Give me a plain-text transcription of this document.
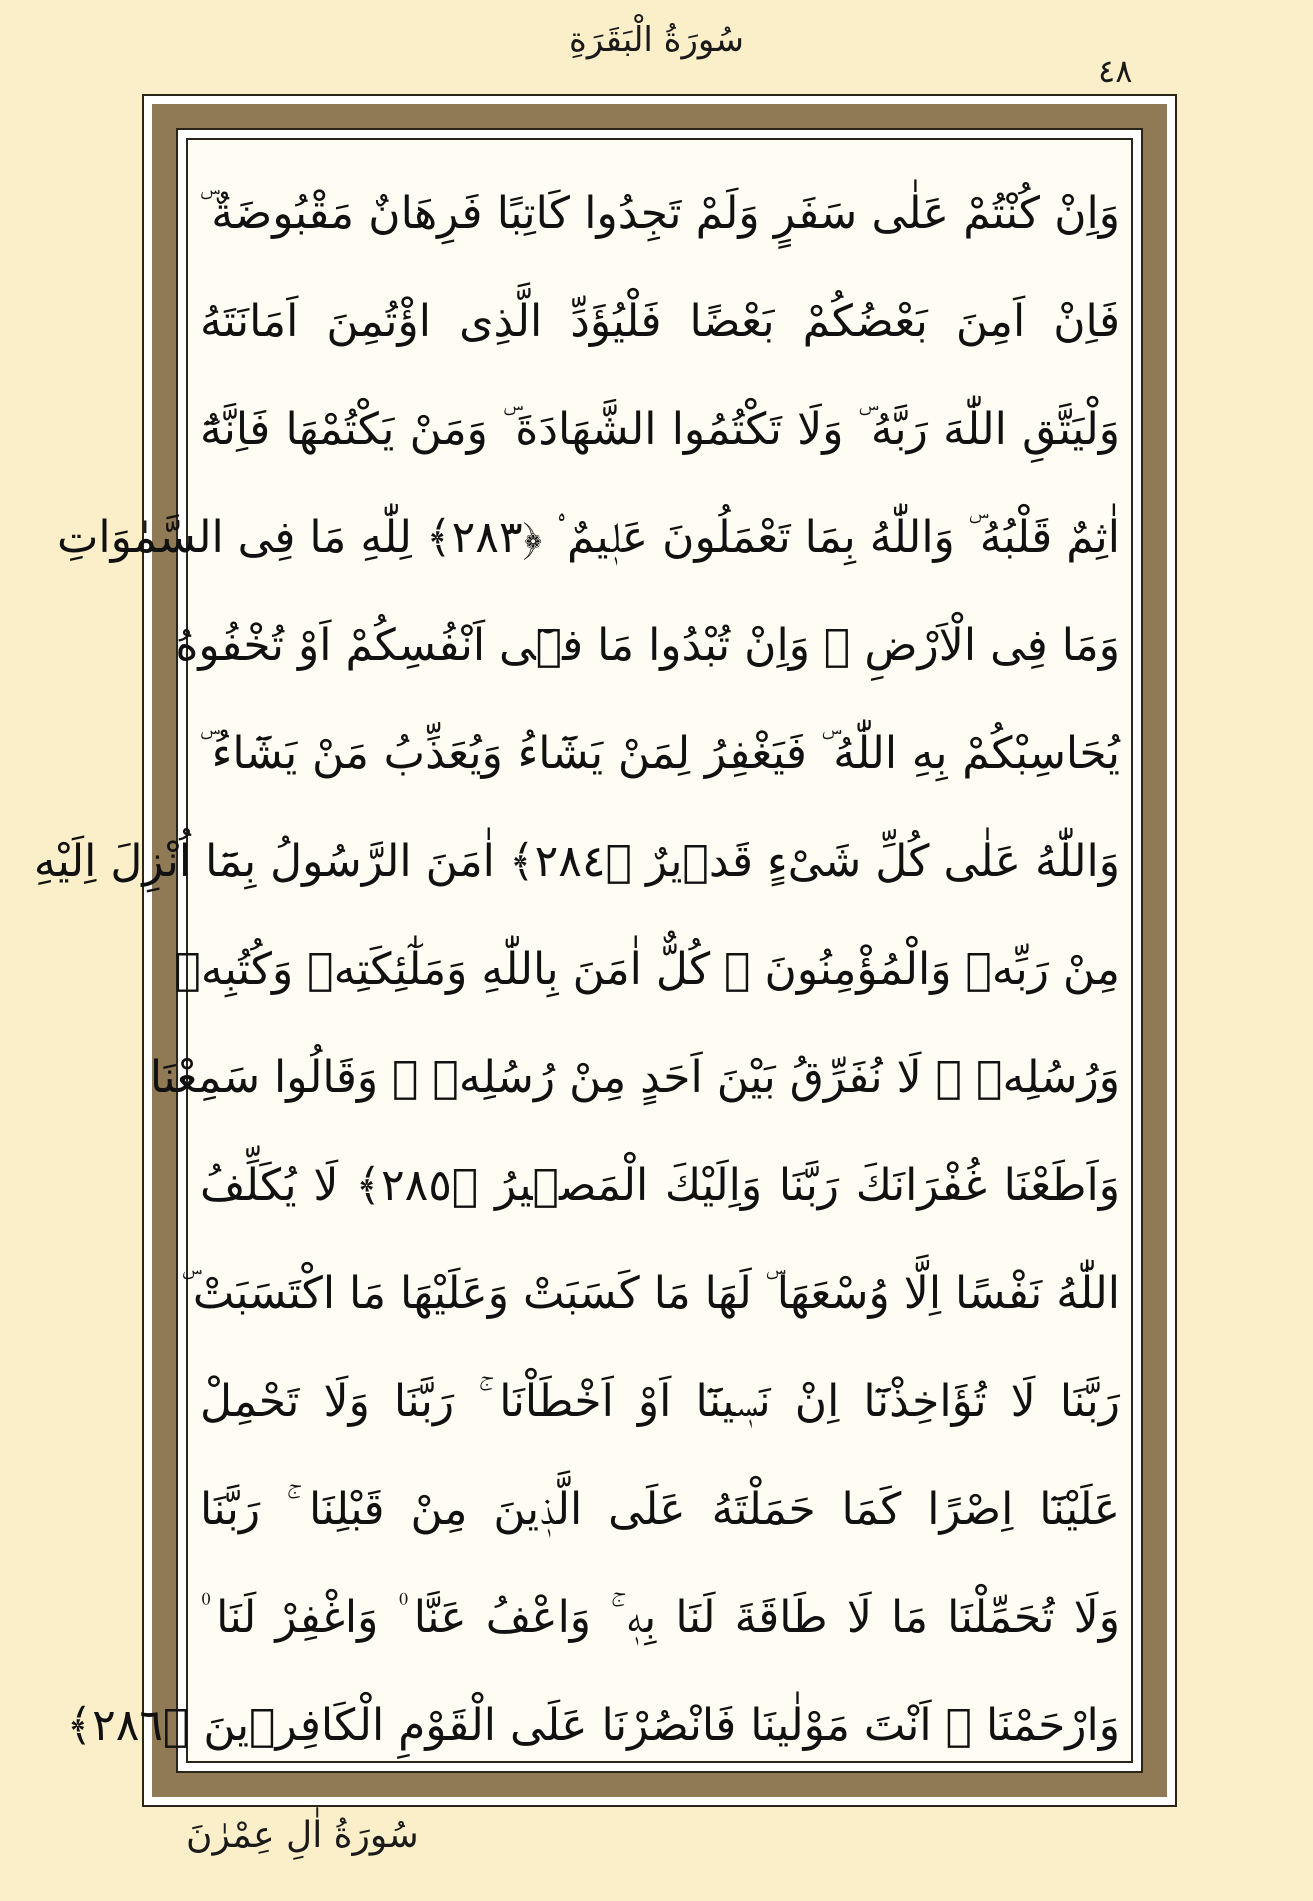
سُورَةُ الْبَقَرَةِ
٤٨
وَاِنْ كُنْتُمْ عَلٰى سَفَرٍ وَلَمْ تَجِدُوا كَاتِبًا فَرِهَانٌ مَقْبُوضَةٌ ۜ
فَاِنْ اَمِنَ بَعْضُكُمْ بَعْضًا فَلْيُؤَدِّ الَّذِى اؤْتُمِنَ اَمَانَتَهُ
وَلْيَتَّقِ اللّٰهَ رَبَّهُ ۜ وَلَا تَكْتُمُوا الشَّهَادَةَ ۜ وَمَنْ يَكْتُمْهَا فَاِنَّهُٓ
اٰثِمٌ قَلْبُهُ ۜ وَاللّٰهُ بِمَا تَعْمَلُونَ عَلٖيمٌ ۟ ﴿٢٨٣﴾ لِلّٰهِ مَا فِى السَّمٰوَاتِ
وَمَا فِى الْاَرْضِ ۜ وَاِنْ تُبْدُوا مَا فٖٓى اَنْفُسِكُمْ اَوْ تُخْفُوهُ
يُحَاسِبْكُمْ بِهِ اللّٰهُ ۜ فَيَغْفِرُ لِمَنْ يَشَٓاءُ وَيُعَذِّبُ مَنْ يَشَٓاءُ ۜ
وَاللّٰهُ عَلٰى كُلِّ شَیْءٍ قَدٖيرٌ ﴿٢٨٤﴾ اٰمَنَ الرَّسُولُ بِمَٓا اُنْزِلَ اِلَيْهِ
مِنْ رَبِّهٖ وَالْمُؤْمِنُونَ ۜ كُلٌّ اٰمَنَ بِاللّٰهِ وَمَلٰٓئِكَتِهٖ وَكُتُبِهٖ
وَرُسُلِهٖ ۜ لَا نُفَرِّقُ بَيْنَ اَحَدٍ مِنْ رُسُلِهٖ ۠ وَقَالُوا سَمِعْنَا
وَاَطَعْنَا غُفْرَانَكَ رَبَّنَا وَاِلَيْكَ الْمَصٖيرُ ﴿٢٨٥﴾ لَا يُكَلِّفُ
اللّٰهُ نَفْسًا اِلَّا وُسْعَهَا ۜ لَهَا مَا كَسَبَتْ وَعَلَيْهَا مَا اكْتَسَبَتْ ۜ
رَبَّنَا لَا تُؤَاخِذْنَٓا اِنْ نَسٖينَٓا اَوْ اَخْطَاْنَا ۚ رَبَّنَا وَلَا تَحْمِلْ
عَلَيْنَٓا اِصْرًا كَمَا حَمَلْتَهُ عَلَى الَّذٖينَ مِنْ قَبْلِنَا ۚ رَبَّنَا
وَلَا تُحَمِّلْنَا مَا لَا طَاقَةَ لَنَا بِهٖ ۚ وَاعْفُ عَنَّا ۠ وَاغْفِرْ لَنَا ۠
وَارْحَمْنَا ۠ اَنْتَ مَوْلٰينَا فَانْصُرْنَا عَلَى الْقَوْمِ الْكَافِرٖينَ ﴿٢٨٦﴾
سُورَةُ اٰلِ عِمْرٰنَ
